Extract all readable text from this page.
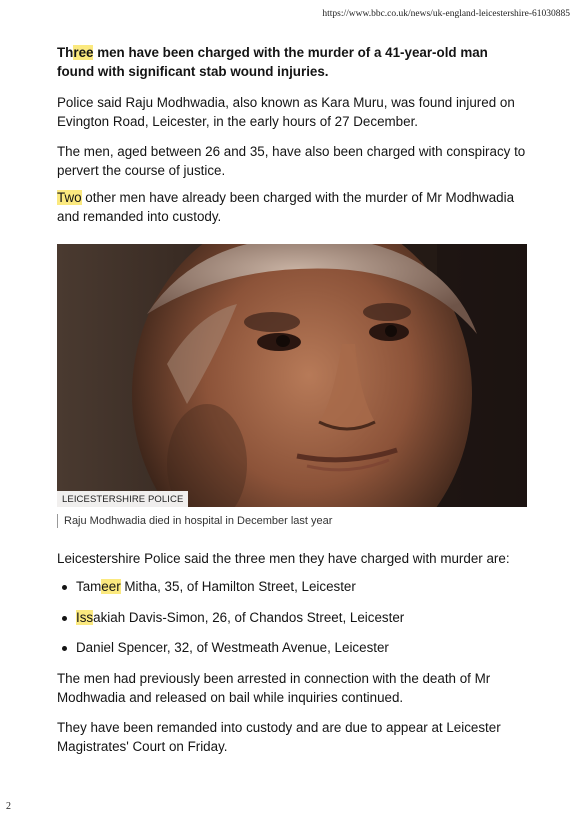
https://www.bbc.co.uk/news/uk-england-leicestershire-61030885

Three men have been charged with the murder of a 41-year-old man found with significant stab wound injuries.

Police said Raju Modhwadia, also known as Kara Muru, was found injured on Evington Road, Leicester, in the early hours of 27 December.

The men, aged between 26 and 35, have also been charged with conspiracy to pervert the course of justice.

Two other men have already been charged with the murder of Mr Modhwadia and remanded into custody.

LEICESTERSHIRE POLICE
Raju Modhwadia died in hospital in December last year

Leicestershire Police said the three men they have charged with murder are:

Tameer Mitha, 35, of Hamilton Street, Leicester
Issakiah Davis-Simon, 26, of Chandos Street, Leicester
Daniel Spencer, 32, of Westmeath Avenue, Leicester

The men had previously been arrested in connection with the death of Mr Modhwadia and released on bail while inquiries continued.

They have been remanded into custody and are due to appear at Leicester Magistrates' Court on Friday.

2
